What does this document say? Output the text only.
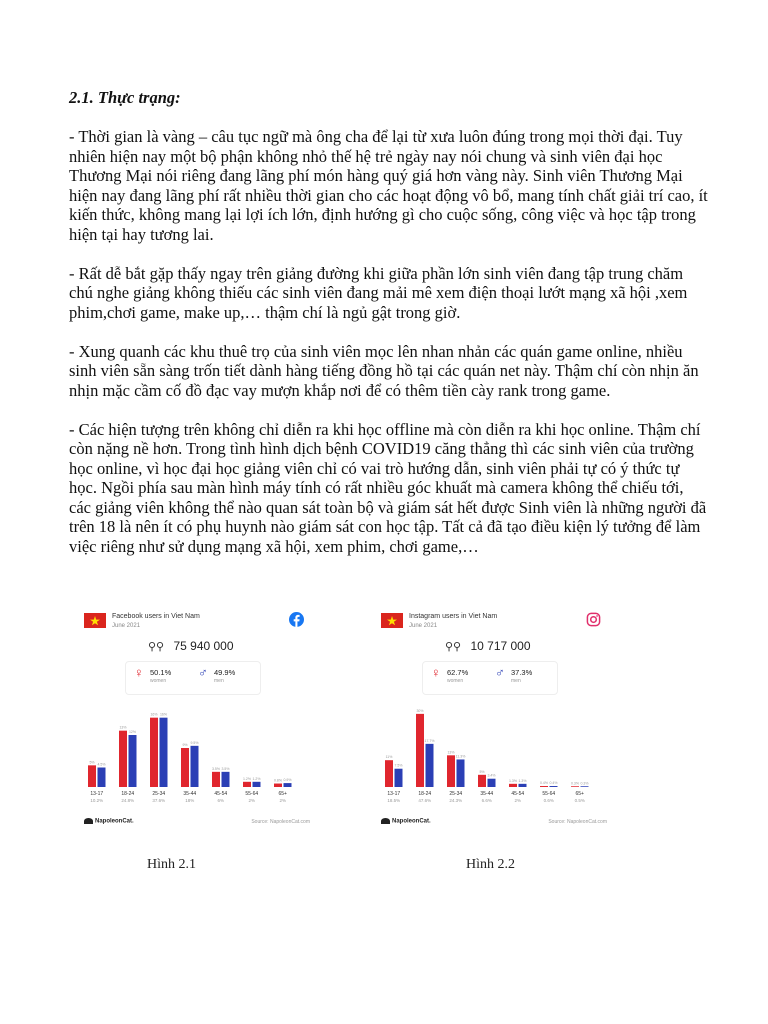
2.1. Thực trạng:

- Thời gian là vàng – câu tục ngữ mà ông cha để lại từ xưa luôn đúng trong mọi thời đại. Tuy nhiên hiện nay một bộ phận không nhỏ thế hệ trẻ ngày nay nói chung và sinh viên đại học Thương Mại nói riêng đang lãng phí món hàng quý giá hơn vàng này. Sinh viên Thương Mại hiện nay đang lãng phí rất nhiều thời gian cho các hoạt động vô bổ, mang tính chất giải trí cao, ít kiến thức, không mang lại lợi ích lớn, định hướng gì cho cuộc sống, công việc và học tập trong hiện tại hay tương lai.

- Rất dễ bắt gặp thấy ngay trên giảng đường khi giữa phần lớn sinh viên đang tập trung chăm chú nghe giảng không thiếu các sinh viên đang mải mê xem điện thoại lướt mạng xã hội ,xem phim,chơi game, make up,… thậm chí là ngủ gật trong giờ.

- Xung quanh các khu thuê trọ của sinh viên mọc lên nhan nhản các quán game online, nhiều sinh viên sẵn sàng trốn tiết dành hàng tiếng đồng hồ tại các quán net này. Thậm chí còn nhịn ăn nhịn mặc cầm cố đồ đạc vay mượn khắp nơi để có thêm tiền cày rank trong game.

- Các hiện tượng trên không chỉ diễn ra khi học offline mà còn diễn ra khi học online. Thậm chí còn nặng nề hơn. Trong tình hình dịch bệnh COVID19 căng thẳng thì các sinh viên của trường học online, vì học đại học giảng viên chỉ có vai trò hướng dẫn, sinh viên phải tự có ý thức tự học. Ngồi phía sau màn hình máy tính có rất nhiều góc khuất mà camera không thể chiếu tới, các giảng viên không thể nào quan sát toàn bộ và giám sát hết được Sinh viên là những người đã trên 18 là nên ít có phụ huynh nào giám sát con học tập. Tất cả đã tạo điều kiện lý tưởng để làm việc riêng như sử dụng mạng xã hội, xem phim, chơi game,…

Facebook users in Viet Nam
June 2021
⚲⚲ 75 940 000
♀ 50.1%
women
♂ 49.9%
men
5%
4.5%
13-17
10.2%
13%
12%
18-24
24.8%
16% 16%
25-34
37.6%
9%
9.5%
35-44
18%
3.5% 3.5%
45-54
6%
1.2% 1.2%
55-64
2%
0.8% 0.9%
65+
2%
NapoleonCat.	Source: NapoleonCat.com
Instagram users in Viet Nam
June 2021
⚲⚲ 10 717 000
♀ 62.7%
women
♂ 37.3%
men
11%
7.5%
13-17
18.5%
30%
17.7%
18-24
47.6%
13%
11.3%
25-34
24.3%
5%
3.4%
35-44
6.6%
1.3% 1.3%
45-54
2%
0.4% 0.4%
55-64
0.6%
0.3% 0.3%
65+
0.5%
NapoleonCat.	Source: NapoleonCat.com
Hình 2.1	Hình 2.2
